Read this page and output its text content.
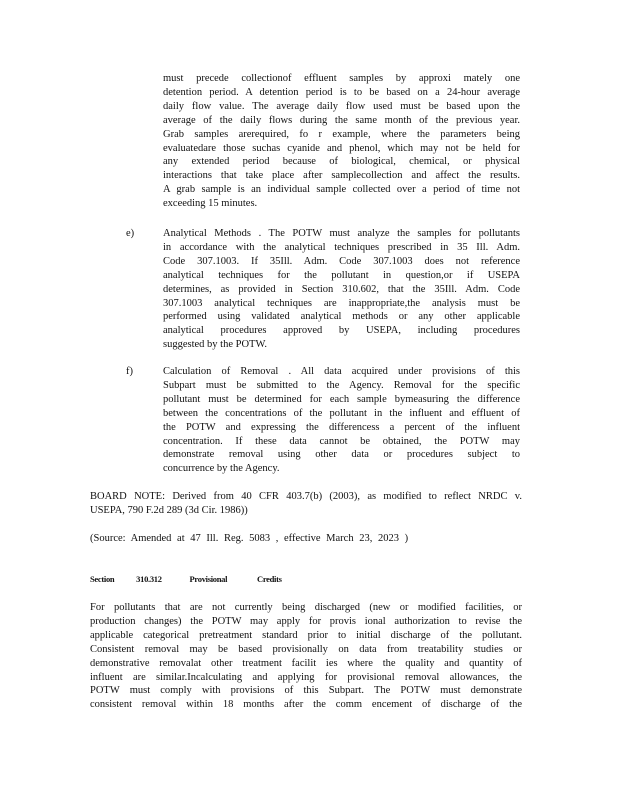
must precede collectionof effluent samples by approxi mately one
detention period. A detention period is to be based on a 24-hour average
daily flow value. The average daily flow used must be based upon the
average of the daily flows during the same month of the previous year.
Grab samples arerequired, fo r example, where the parameters being
evaluatedare those suchas cyanide and phenol, which may not be held for
any extended period because of biological, chemical, or physical
interactions that take place after samplecollection and affect the results.
A grab sample is an individual sample collected over a period of time not
exceeding 15 minutes.
e)	Analytical Methods . The POTW must analyze the samples for pollutants
in accordance with the analytical techniques prescribed in 35 Ill. Adm.
Code 307.1003. If 35Ill. Adm. Code 307.1003 does not reference
analytical techniques for the pollutant in question,or if USEPA
determines, as provided in Section 310.602, that the 35Ill. Adm. Code
307.1003 analytical techniques are inappropriate,the analysis must be
performed using validated analytical methods or any other applicable
analytical procedures approved by USEPA, including procedures
suggested by the POTW.
f)	Calculation of Removal . All data acquired under provisions of this
Subpart must be submitted to the Agency. Removal for the specific
pollutant must be determined for each sample bymeasuring the difference
between the concentrations of the pollutant in the influent and effluent of
the POTW and expressing the differencess a percent of the influent
concentration. If these data cannot be obtained, the POTW may
demonstrate removal using other data or procedures subject to
concurrence by the Agency.
BOARD NOTE: Derived from 40 CFR 403.7(b) (2003), as modified to reflect NRDC v.
USEPA, 790 F.2d 289 (3d Cir. 1986))
(Source: Amended at 47 Ill. Reg. 5083 , effective March 23, 2023 )
Section	310.312	Provisional	Credits
For pollutants that are not currently being discharged (new or modified facilities, or
production changes) the POTW may apply for provis ional authorization to revise the
applicable categorical pretreatment standard prior to initial discharge of the pollutant.
Consistent removal may be based provisionally on data from treatability studies or
demonstrative removalat other treatment facilit ies where the quality and quantity of
influent are similar.Incalculating and applying for provisional removal allowances, the
POTW must comply with provisions of this Subpart. The POTW must demonstrate
consistent removal within 18 months after the comm encement of discharge of the
